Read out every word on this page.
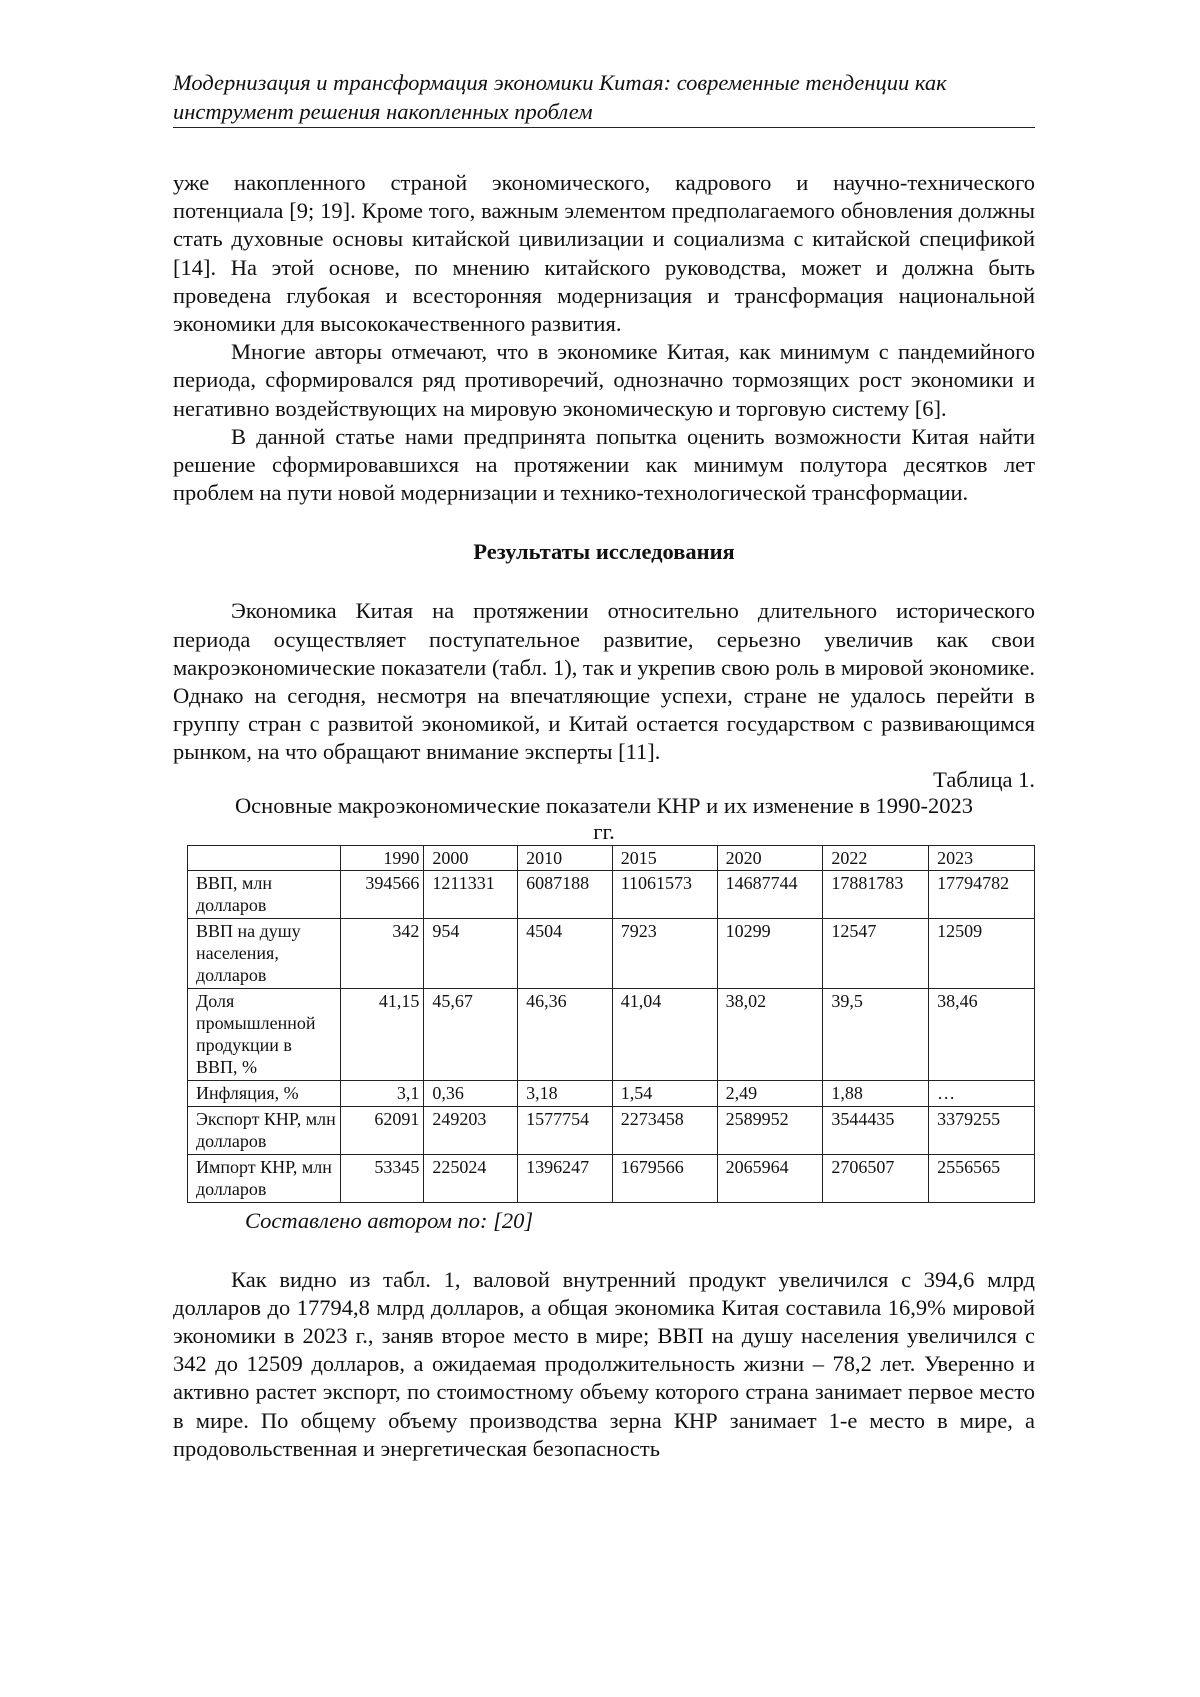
Модернизация и трансформация экономики Китая: современные тенденции как
инструмент решения накопленных проблем

уже накопленного страной экономического, кадрового и научно-технического потенциала [9; 19]. Кроме того, важным элементом предполагаемого обновления должны стать духовные основы китайской цивилизации и социализма с китайской спецификой [14]. На этой основе, по мнению китайского руководства, может и должна быть проведена глубокая и всесторонняя модернизация и трансформация национальной экономики для высококачественного развития.

Многие авторы отмечают, что в экономике Китая, как минимум с пандемийного периода, сформировался ряд противоречий, однозначно тормозящих рост экономики и негативно воздействующих на мировую экономическую и торговую систему [6].

В данной статье нами предпринята попытка оценить возможности Китая найти решение сформировавшихся на протяжении как минимум полутора десятков лет проблем на пути новой модернизации и технико-технологической трансформации.

Результаты исследования

Экономика Китая на протяжении относительно длительного исторического периода осуществляет поступательное развитие, серьезно увеличив как свои макроэкономические показатели (табл. 1), так и укрепив свою роль в мировой экономике. Однако на сегодня, несмотря на впечатляющие успехи, стране не удалось перейти в группу стран с развитой экономикой, и Китай остается государством с развивающимся рынком, на что обращают внимание эксперты [11].

Таблица 1.

Основные макроэкономические показатели КНР и их изменение в 1990-2023 гг.
	1990	2000	2010	2015	2020	2022	2023
ВВП, млн долларов	394566	1211331	6087188	11061573	14687744	17881783	17794782
ВВП на душу населения, долларов	342	954	4504	7923	10299	12547	12509
Доля промышленной продукции в ВВП, %	41,15	45,67	46,36	41,04	38,02	39,5	38,46
Инфляция, %	3,1	0,36	3,18	1,54	2,49	1,88	…
Экспорт КНР, млн долларов	62091	249203	1577754	2273458	2589952	3544435	3379255
Импорт КНР, млн долларов	53345	225024	1396247	1679566	2065964	2706507	2556565
Составлено автором по: [20]

Как видно из табл. 1, валовой внутренний продукт увеличился с 394,6 млрд долларов до 17794,8 млрд долларов, а общая экономика Китая составила 16,9% мировой экономики в 2023 г., заняв второе место в мире; ВВП на душу населения увеличился с 342 до 12509 долларов, а ожидаемая продолжительность жизни – 78,2 лет. Уверенно и активно растет экспорт, по стоимостному объему которого страна занимает первое место в мире. По общему объему производства зерна КНР занимает 1-е место в мире, а продовольственная и энергетическая безопасность
